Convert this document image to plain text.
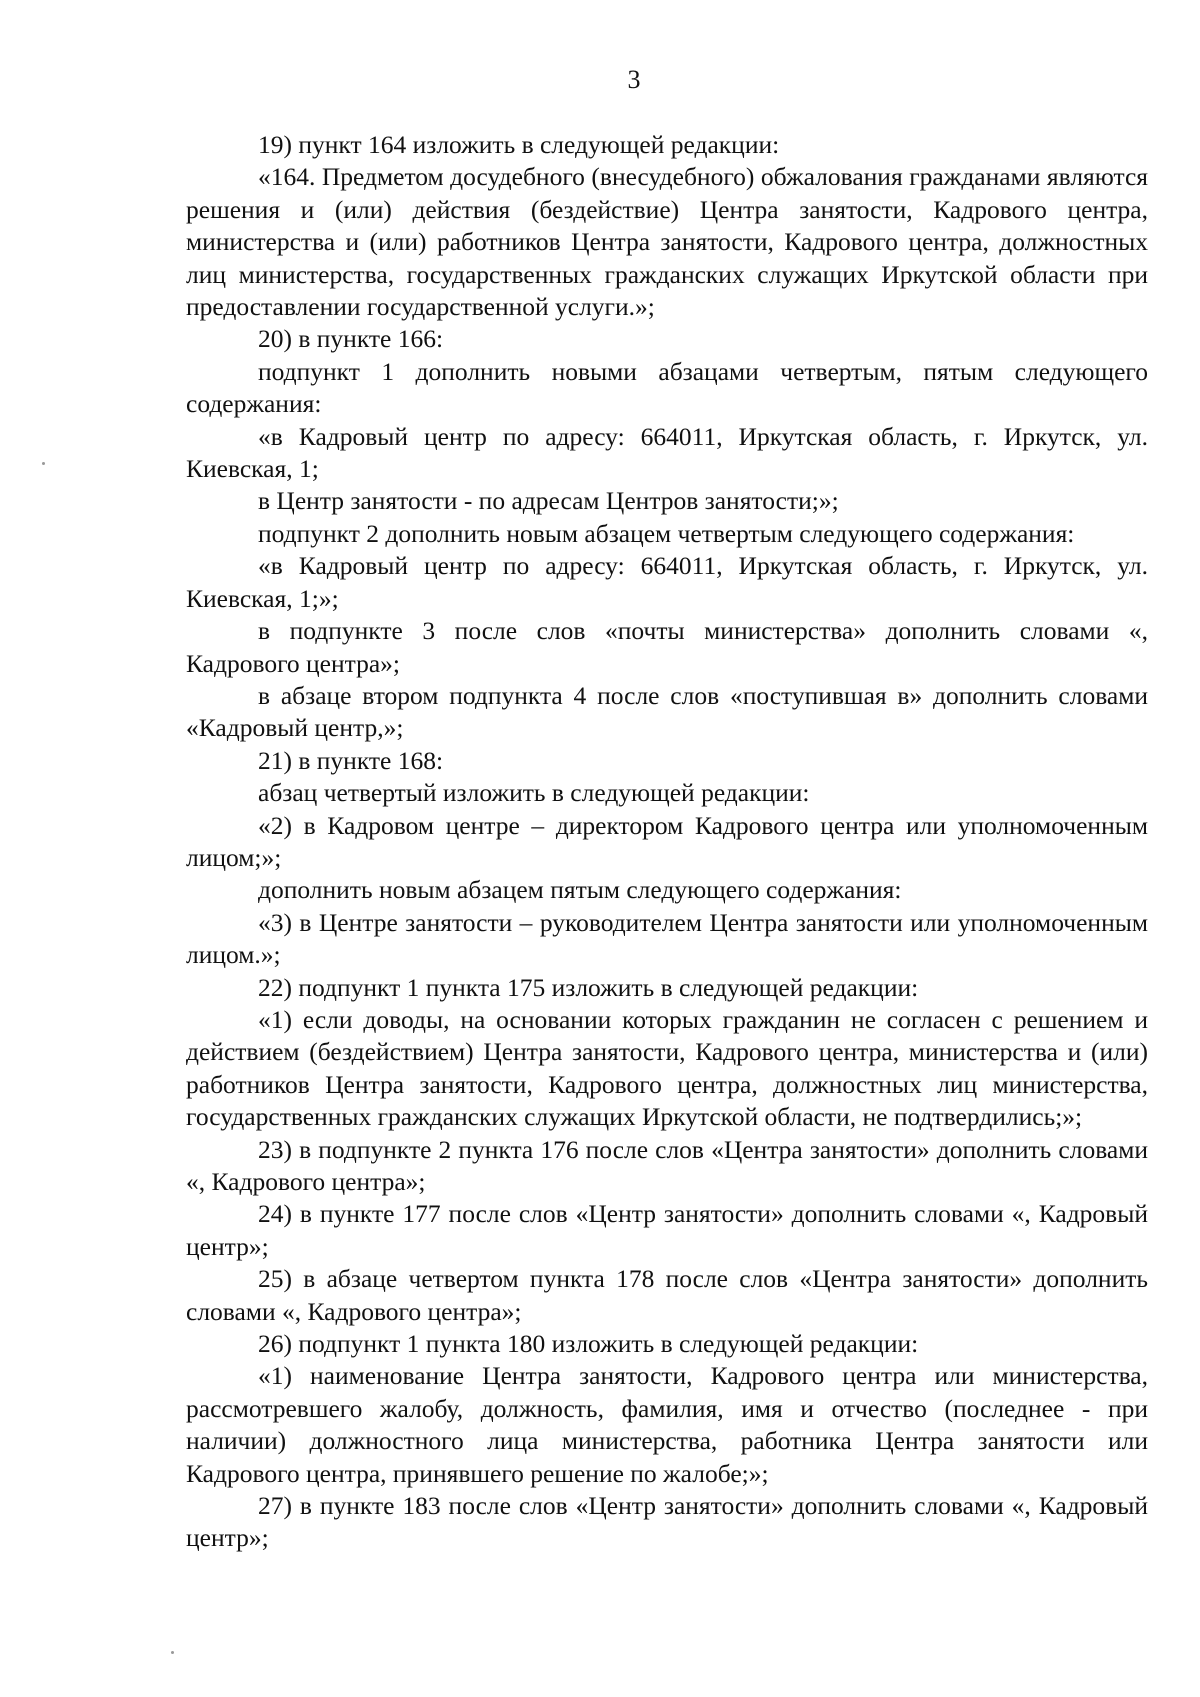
3

19) пункт 164 изложить в следующей редакции:

«164. Предметом досудебного (внесудебного) обжалования гражданами являются решения и (или) действия (бездействие) Центра занятости, Кадрового центра, министерства и (или) работников Центра занятости, Кадрового центра, должностных лиц министерства, государственных гражданских служащих Иркутской области при предоставлении государственной услуги.»;

20) в пункте 166:

подпункт 1 дополнить новыми абзацами четвертым, пятым следующего содержания:

«в Кадровый центр по адресу: 664011, Иркутская область, г. Иркутск, ул. Киевская, 1;

в Центр занятости - по адресам Центров занятости;»;

подпункт 2 дополнить новым абзацем четвертым следующего содержания:

«в Кадровый центр по адресу: 664011, Иркутская область, г. Иркутск, ул. Киевская, 1;»;

в подпункте 3 после слов «почты министерства» дополнить словами «, Кадрового центра»;

в абзаце втором подпункта 4 после слов «поступившая в» дополнить словами «Кадровый центр,»;

21) в пункте 168:

абзац четвертый изложить в следующей редакции:

«2) в Кадровом центре – директором Кадрового центра или уполномоченным лицом;»;

дополнить новым абзацем пятым следующего содержания:

«3) в Центре занятости – руководителем Центра занятости или уполномоченным лицом.»;

22) подпункт 1 пункта 175 изложить в следующей редакции:

«1) если доводы, на основании которых гражданин не согласен с решением и действием (бездействием) Центра занятости, Кадрового центра, министерства и (или) работников Центра занятости, Кадрового центра, должностных лиц министерства, государственных гражданских служащих Иркутской области, не подтвердились;»;

23) в подпункте 2 пункта 176 после слов «Центра занятости» дополнить словами «, Кадрового центра»;

24) в пункте 177 после слов «Центр занятости» дополнить словами «, Кадровый центр»;

25) в абзаце четвертом пункта 178 после слов «Центра занятости» дополнить словами «, Кадрового центра»;

26) подпункт 1 пункта 180 изложить в следующей редакции:

«1) наименование Центра занятости, Кадрового центра или министерства, рассмотревшего жалобу, должность, фамилия, имя и отчество (последнее - при наличии) должностного лица министерства, работника Центра занятости или Кадрового центра, принявшего решение по жалобе;»;

27) в пункте 183 после слов «Центр занятости» дополнить словами «, Кадровый центр»;
